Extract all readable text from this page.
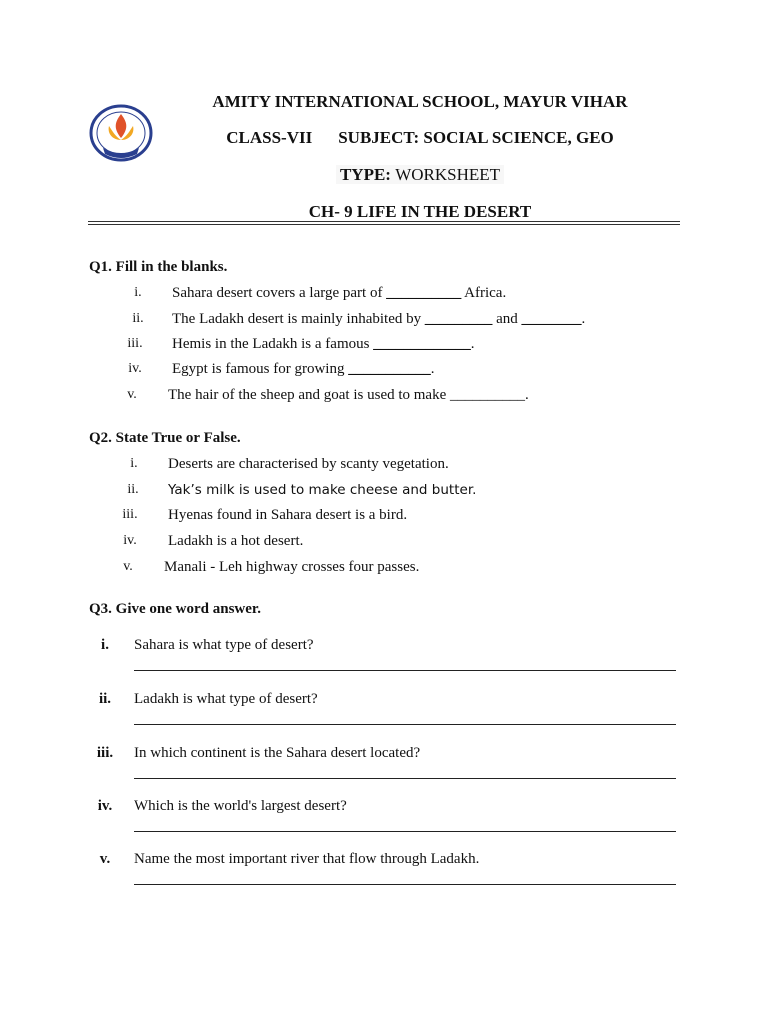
AMITY INTERNATIONAL SCHOOL, MAYUR VIHAR
CLASS-VII SUBJECT: SOCIAL SCIENCE, GEO
TYPE: WORKSHEET
CH- 9 LIFE IN THE DESERT
Q1. Fill in the blanks.
i.	Sahara desert covers a large part of __________ Africa.
ii.	The Ladakh desert is mainly inhabited by _________ and ________.
iii.	Hemis in the Ladakh is a famous _____________.
iv.	Egypt is famous for growing ___________.
v.	The hair of the sheep and goat is used to make __________.
Q2. State True or False.
i.	Deserts are characterised by scanty vegetation.
ii.	Yak’s milk is used to make cheese and butter.
iii.	Hyenas found in Sahara desert is a bird.
iv.	Ladakh is a hot desert.
v.	Manali - Leh highway crosses four passes.
Q3. Give one word answer.
i.	Sahara is what type of desert?
ii.	Ladakh is what type of desert?
iii.	In which continent is the Sahara desert located?
iv.	Which is the world's largest desert?
v.	Name the most important river that flow through Ladakh.
